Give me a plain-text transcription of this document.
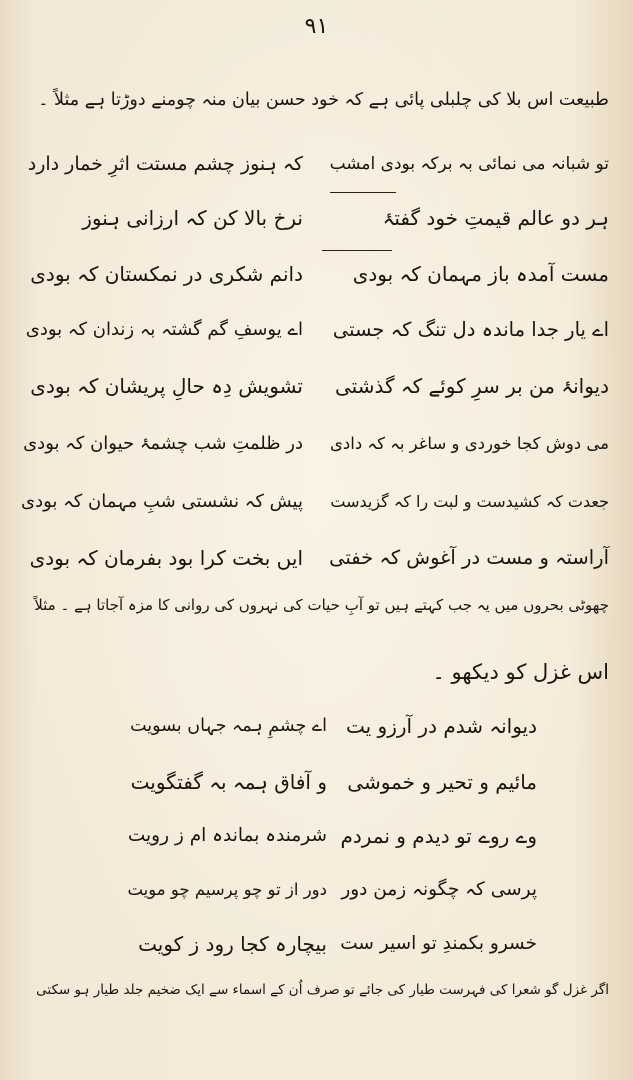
۹۱
طبیعت اس بلا کی چلبلی پائی ہے کہ خود حسن بیان منہ چومنے دوڑتا ہے مثلاً ۔
تو شبانہ می نمائی بہ برکہ بودی امشب
کہ ہنوز چشم مستت اثرِ خمار دارد
ہر دو عالم قیمتِ خود گفتۂ
نرخ بالا کن کہ ارزانی ہنوز
مست آمدہ باز مہمان کہ بودی
دانم شکری در نمکستان کہ بودی
اے یار جدا ماندہ دل تنگ کہ جستی
اے یوسفِ گم گشتہ بہ زندان کہ بودی
دیوانۂ من بر سرِ کوئے کہ گذشتی
تشویش دِہ حالِ پریشان کہ بودی
می دوش کجا خوردی و ساغر بہ کہ دادی
در ظلمتِ شب چشمۂ حیوان کہ بودی
جعدت کہ کشیدست و لبت را کہ گزیدست
پیش کہ نشستی شبِ مہمان کہ بودی
آراستہ و مست در آغوش کہ خفتی
ایں بخت کرا بود بفرمان کہ بودی
چھوٹی بحروں میں یہ جب کہتے ہیں تو آبِ حیات کی نہروں کی روانی کا مزہ آجاتا ہے ۔ مثلاً
اس غزل کو دیکھو ۔
دیوانہ شدم در آرزو یت
اے چشمِ ہمہ جہاں بسویت
مائیم و تحیر و خموشی
و آفاق ہمہ بہ گفتگویت
وے روے تو دیدم و نمردم
شرمندہ بماندہ ام ز رویت
پرسی کہ چگونہ زمن دور
دور از تو چو پرسیم چو مویت
خسرو بکمندِ تو اسیر ست
بیچارہ کجا رود ز کویت
اگر غزل گو شعرا کی فہرست طیار کی جائے تو صرف اُن کے اسماء سے ایک ضخیم جلد طیار ہو سکتی
